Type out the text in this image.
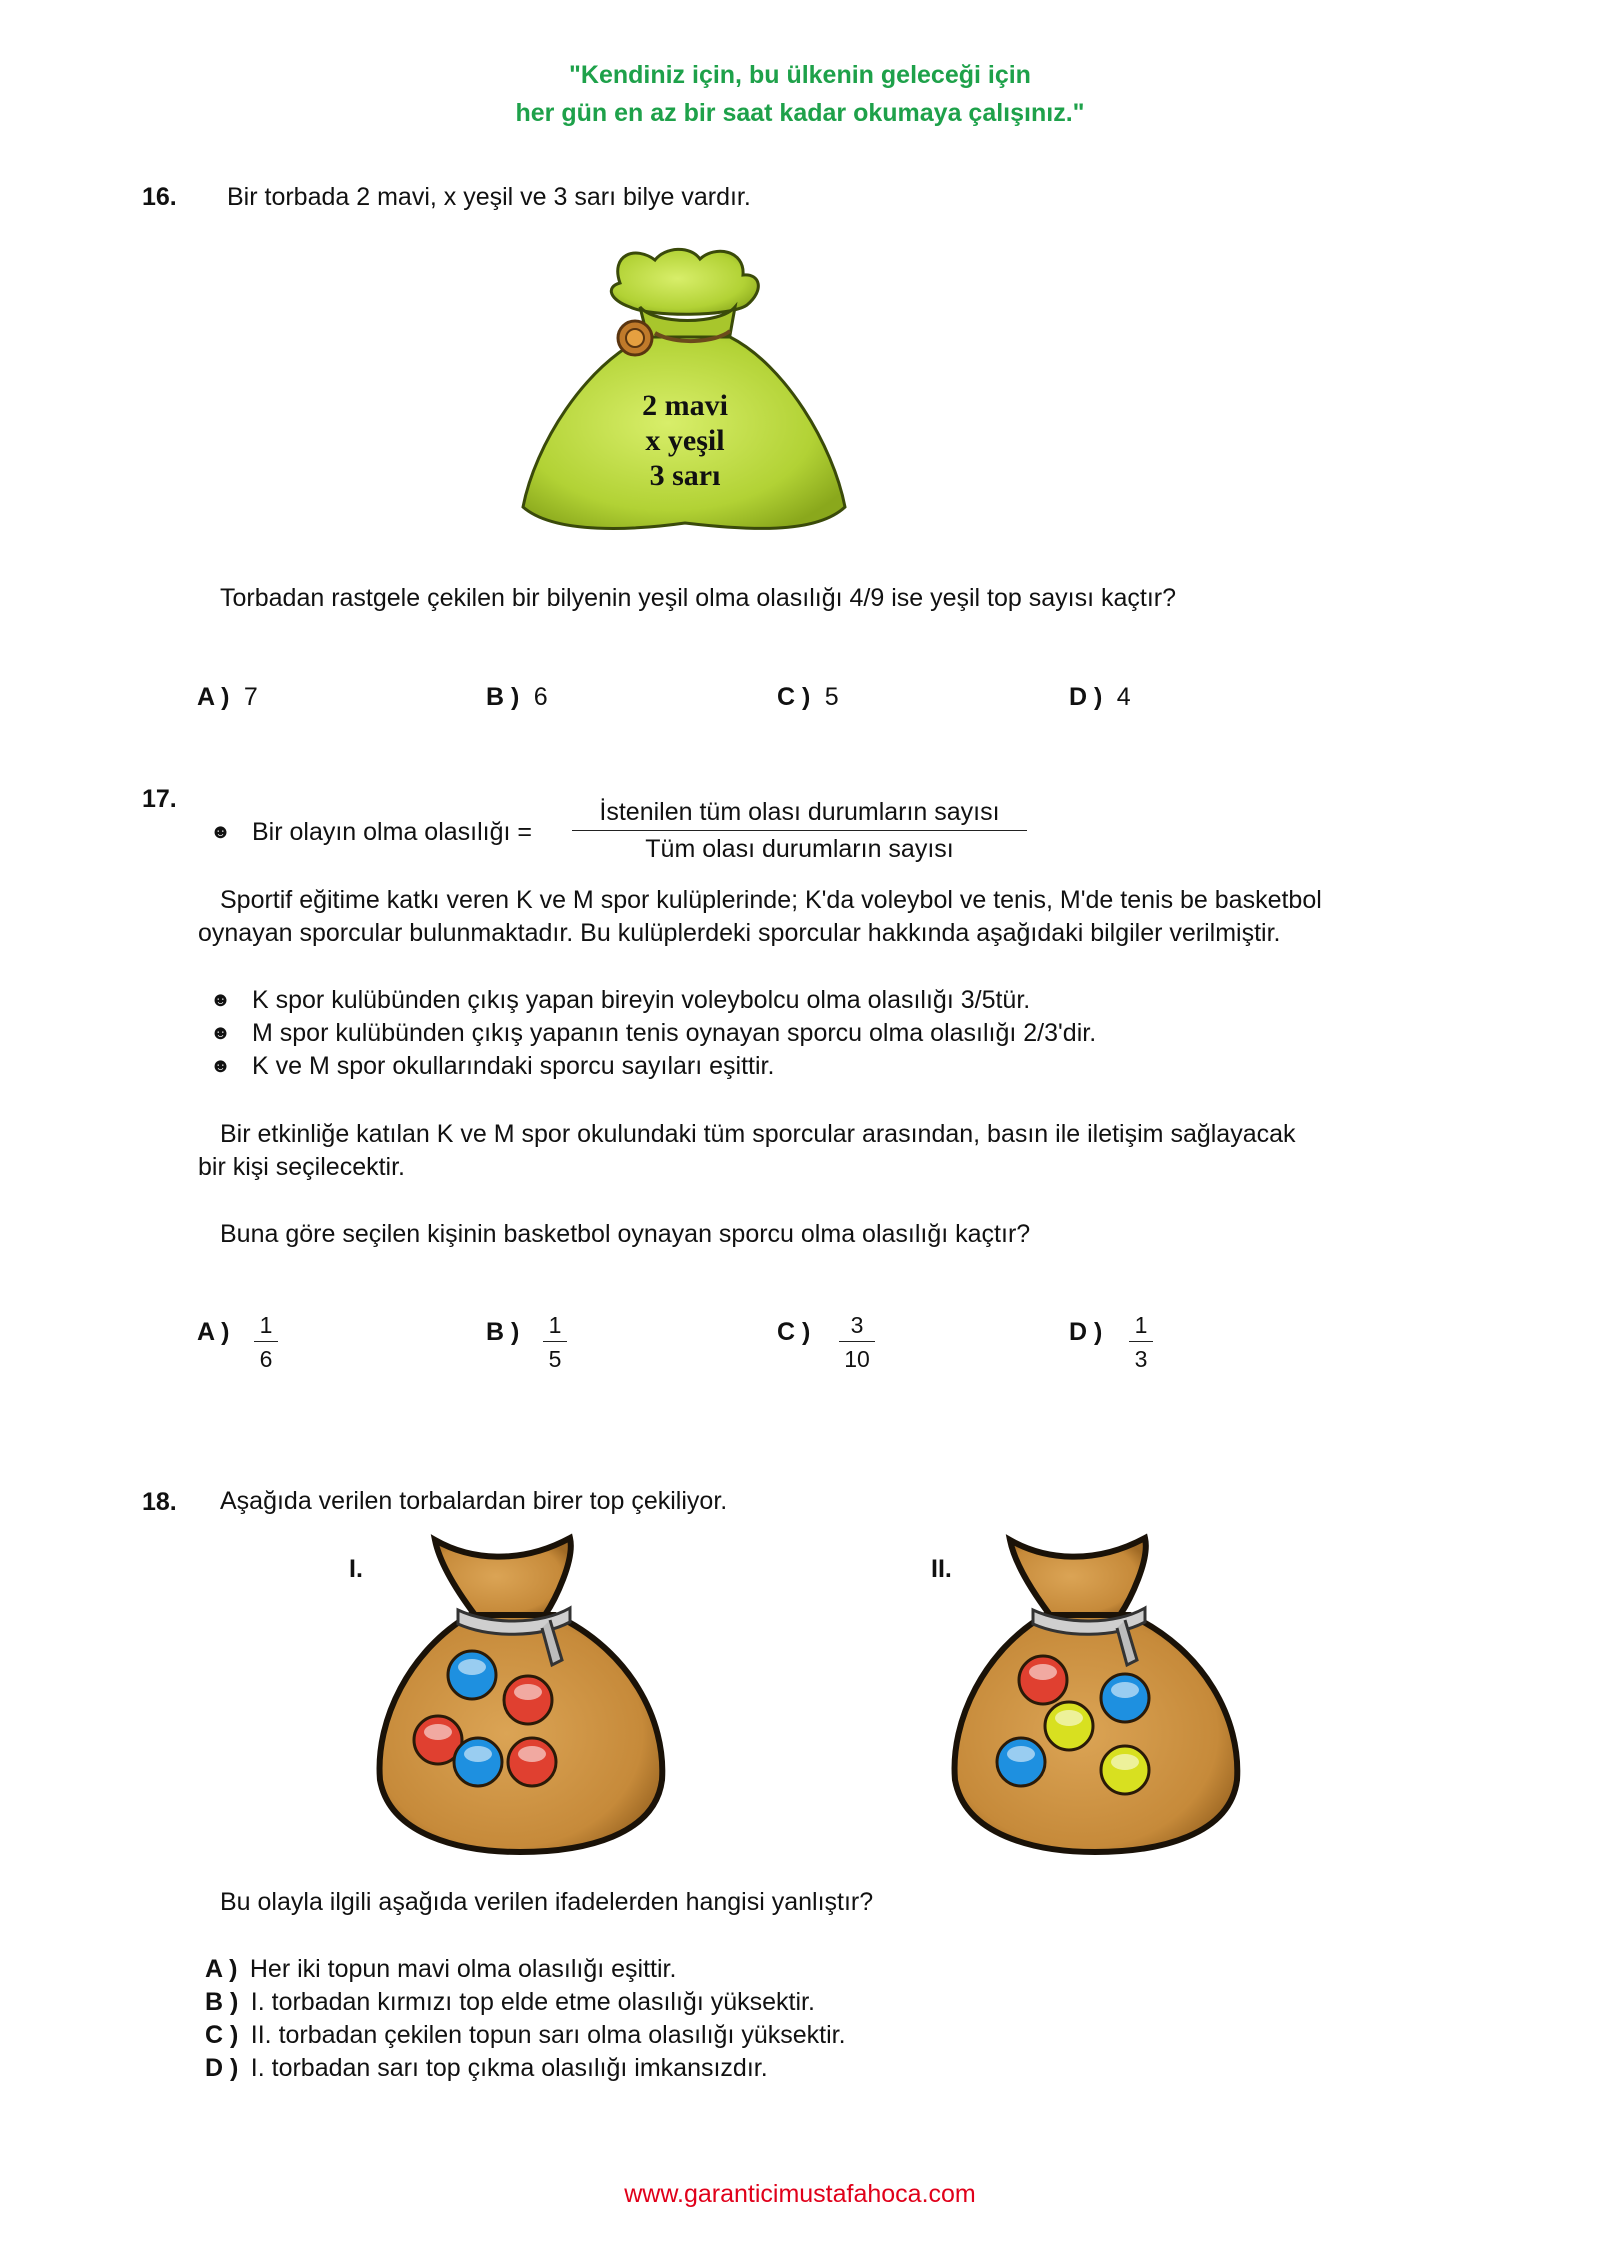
"Kendiniz için, bu ülkenin geleceği için
her gün en az bir saat kadar okumaya çalışınız."
16. Bir torbada 2 mavi, x yeşil ve 3 sarı bilye vardır.
2 mavi
x yeşil
3 sarı
Torbadan rastgele çekilen bir bilyenin yeşil olma olasılığı 4/9 ise yeşil top sayısı kaçtır?
A ) 7	B ) 6	C ) 5	D ) 4
17.
☻ Bir olayın olma olasılığı =
İstenilen tüm olası durumların sayısı
Tüm olası durumların sayısı
Sportif eğitime katkı veren K ve M spor kulüplerinde; K'da voleybol ve tenis, M'de tenis be basketbol
oynayan sporcular bulunmaktadır. Bu kulüplerdeki sporcular hakkında aşağıdaki bilgiler verilmiştir.
☻ K spor kulübünden çıkış yapan bireyin voleybolcu olma olasılığı 3/5tür.
☻ M spor kulübünden çıkış yapanın tenis oynayan sporcu olma olasılığı 2/3'dir.
☻ K ve M spor okullarındaki sporcu sayıları eşittir.
Bir etkinliğe katılan K ve M spor okulundaki tüm sporcular arasından, basın ile iletişim sağlayacak
bir kişi seçilecektir.
Buna göre seçilen kişinin basketbol oynayan sporcu olma olasılığı kaçtır?
A ) $\frac{1}{6}$	B ) $\frac{1}{5}$	C ) $\frac{3}{10}$	D ) $\frac{1}{3}$
18. Aşağıda verilen torbalardan birer top çekiliyor.
I.	II.
Bu olayla ilgili aşağıda verilen ifadelerden hangisi yanlıştır?
A ) Her iki topun mavi olma olasılığı eşittir.
B ) I. torbadan kırmızı top elde etme olasılığı yüksektir.
C ) II. torbadan çekilen topun sarı olma olasılığı yüksektir.
D ) I. torbadan sarı top çıkma olasılığı imkansızdır.
www.garanticimustafahoca.com
